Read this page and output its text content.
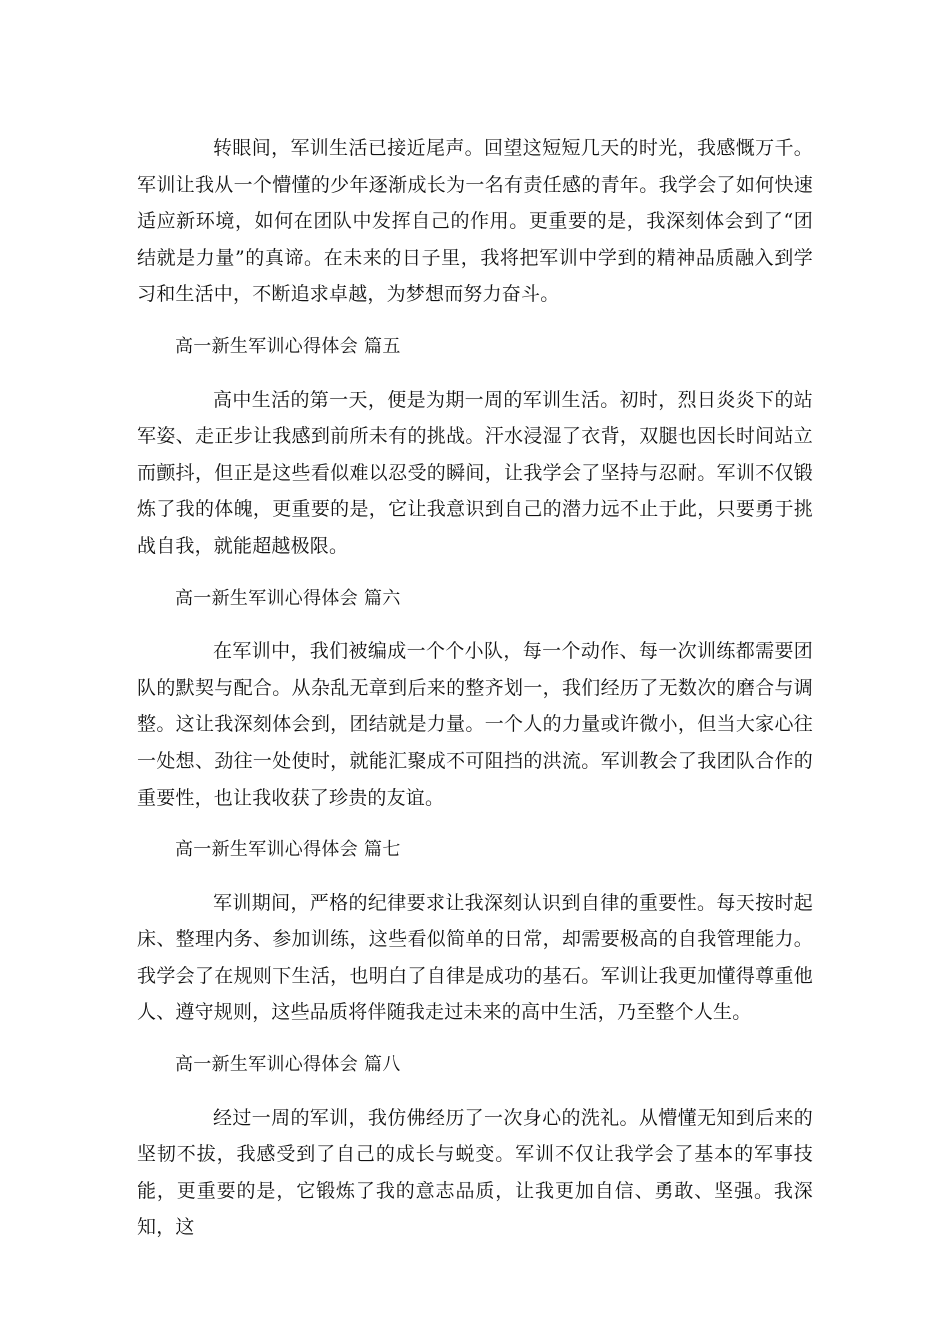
转眼间，军训生活已接近尾声。回望这短短几天的时光，我感慨万千。军训让我从一个懵懂的少年逐渐成长为一名有责任感的青年。我学会了如何快速适应新环境，如何在团队中发挥自己的作用。更重要的是，我深刻体会到了“团结就是力量”的真谛。在未来的日子里，我将把军训中学到的精神品质融入到学习和生活中，不断追求卓越，为梦想而努力奋斗。

高一新生军训心得体会 篇五

高中生活的第一天，便是为期一周的军训生活。初时，烈日炎炎下的站军姿、走正步让我感到前所未有的挑战。汗水浸湿了衣背，双腿也因长时间站立而颤抖，但正是这些看似难以忍受的瞬间，让我学会了坚持与忍耐。军训不仅锻炼了我的体魄，更重要的是，它让我意识到自己的潜力远不止于此，只要勇于挑战自我，就能超越极限。

高一新生军训心得体会 篇六

在军训中，我们被编成一个个小队，每一个动作、每一次训练都需要团队的默契与配合。从杂乱无章到后来的整齐划一，我们经历了无数次的磨合与调整。这让我深刻体会到，团结就是力量。一个人的力量或许微小，但当大家心往一处想、劲往一处使时，就能汇聚成不可阻挡的洪流。军训教会了我团队合作的重要性，也让我收获了珍贵的友谊。

高一新生军训心得体会 篇七

军训期间，严格的纪律要求让我深刻认识到自律的重要性。每天按时起床、整理内务、参加训练，这些看似简单的日常，却需要极高的自我管理能力。我学会了在规则下生活，也明白了自律是成功的基石。军训让我更加懂得尊重他人、遵守规则，这些品质将伴随我走过未来的高中生活，乃至整个人生。

高一新生军训心得体会 篇八

经过一周的军训，我仿佛经历了一次身心的洗礼。从懵懂无知到后来的坚韧不拔，我感受到了自己的成长与蜕变。军训不仅让我学会了基本的军事技能，更重要的是，它锻炼了我的意志品质，让我更加自信、勇敢、坚强。我深知，这
